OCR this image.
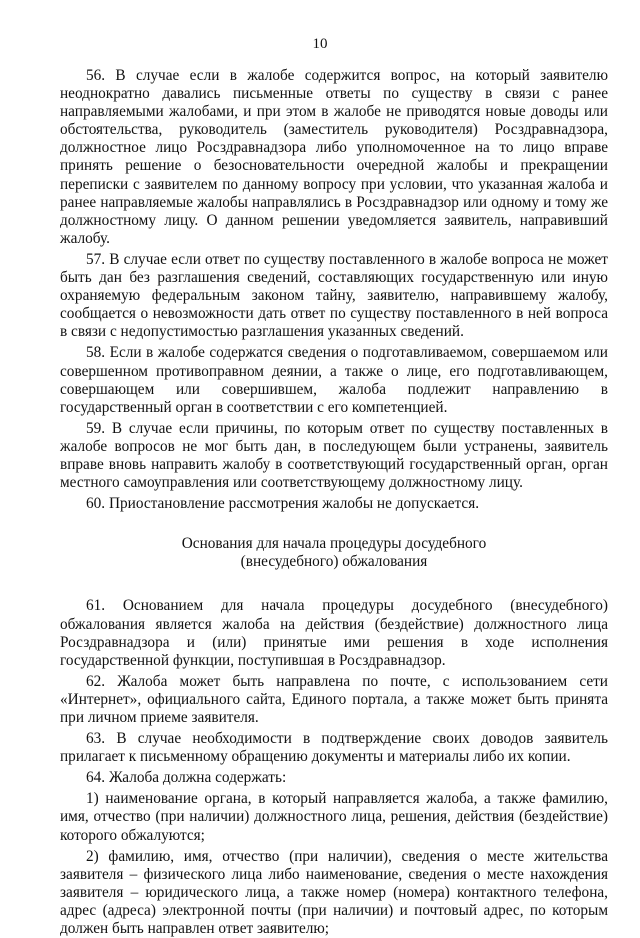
10

56. В случае если в жалобе содержится вопрос, на который заявителю неоднократно давались письменные ответы по существу в связи с ранее направляемыми жалобами, и при этом в жалобе не приводятся новые доводы или обстоятельства, руководитель (заместитель руководителя) Росздравнадзора, должностное лицо Росздравнадзора либо уполномоченное на то лицо вправе принять решение о безосновательности очередной жалобы и прекращении переписки с заявителем по данному вопросу при условии, что указанная жалоба и ранее направляемые жалобы направлялись в Росздравнадзор или одному и тому же должностному лицу. О данном решении уведомляется заявитель, направивший жалобу.

57. В случае если ответ по существу поставленного в жалобе вопроса не может быть дан без разглашения сведений, составляющих государственную или иную охраняемую федеральным законом тайну, заявителю, направившему жалобу, сообщается о невозможности дать ответ по существу поставленного в ней вопроса в связи с недопустимостью разглашения указанных сведений.

58. Если в жалобе содержатся сведения о подготавливаемом, совершаемом или совершенном противоправном деянии, а также о лице, его подготавливающем, совершающем или совершившем, жалоба подлежит направлению в государственный орган в соответствии с его компетенцией.

59. В случае если причины, по которым ответ по существу поставленных в жалобе вопросов не мог быть дан, в последующем были устранены, заявитель вправе вновь направить жалобу в соответствующий государственный орган, орган местного самоуправления или соответствующему должностному лицу.

60. Приостановление рассмотрения жалобы не допускается.

Основания для начала процедуры досудебного
(внесудебного) обжалования

61. Основанием для начала процедуры досудебного (внесудебного) обжалования является жалоба на действия (бездействие) должностного лица Росздравнадзора и (или) принятые ими решения в ходе исполнения государственной функции, поступившая в Росздравнадзор.

62. Жалоба может быть направлена по почте, с использованием сети «Интернет», официального сайта, Единого портала, а также может быть принята при личном приеме заявителя.

63. В случае необходимости в подтверждение своих доводов заявитель прилагает к письменному обращению документы и материалы либо их копии.

64. Жалоба должна содержать:

1) наименование органа, в который направляется жалоба, а также фамилию, имя, отчество (при наличии) должностного лица, решения, действия (бездействие) которого обжалуются;

2) фамилию, имя, отчество (при наличии), сведения о месте жительства заявителя – физического лица либо наименование, сведения о месте нахождения заявителя – юридического лица, а также номер (номера) контактного телефона, адрес (адреса) электронной почты (при наличии) и почтовый адрес, по которым должен быть направлен ответ заявителю;
